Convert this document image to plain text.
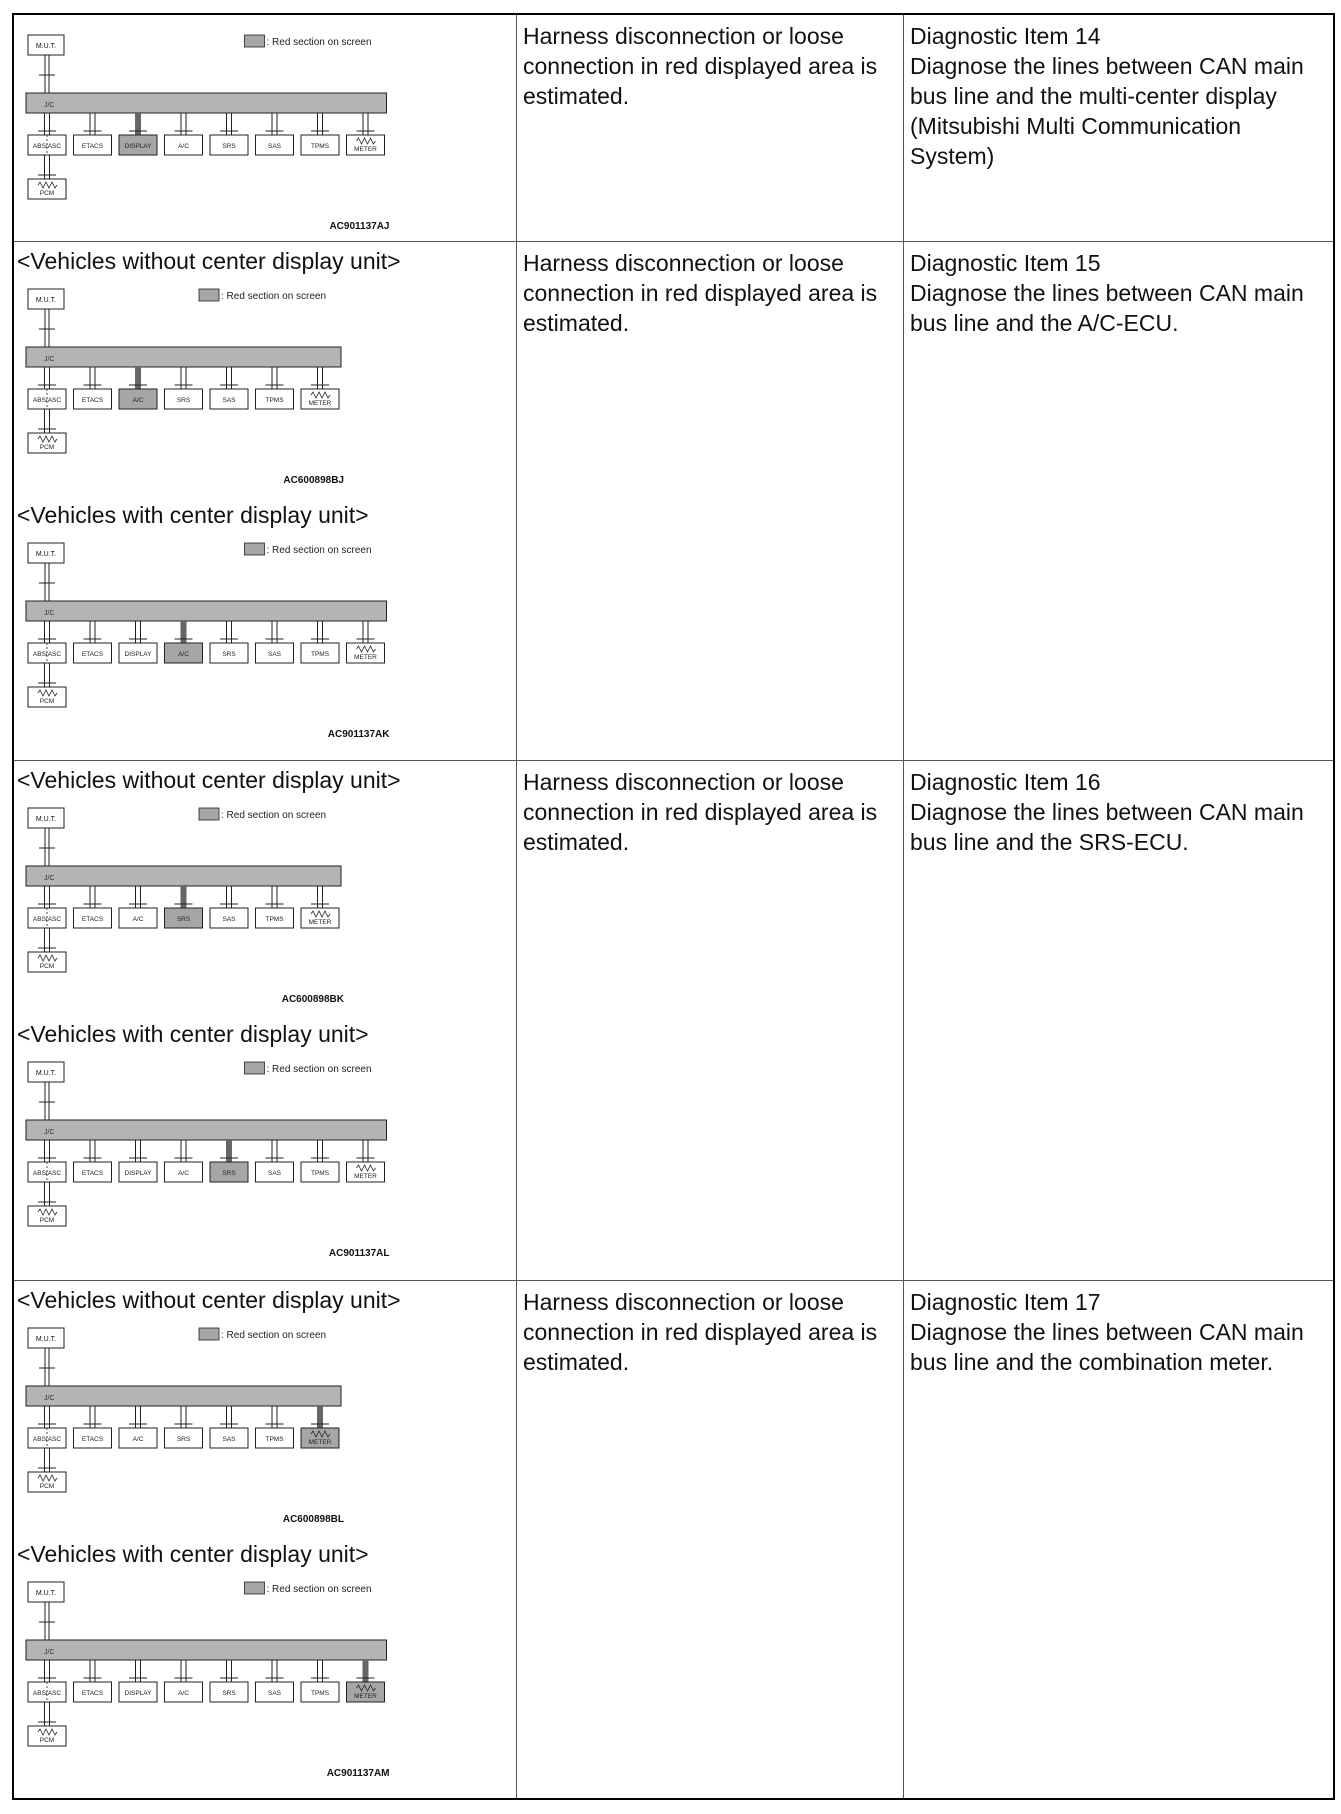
M.U.T.	: Red section on screen
J/C
ABS/ASC	ETACS	DISPLAY	A/C	SRS	SAS	TPMS	METER
PCM
AC901137AJ

Harness disconnection or loose connection in red displayed area is estimated.

Diagnostic Item 14

Diagnose the lines between CAN main bus line and the multi-center display (Mitsubishi Multi Communication System)

<Vehicles without center display unit>
M.U.T.	: Red section on screen
J/C
ABS/ASC	ETACS	A/C	SRS	SAS	TPMS	METER
PCM
AC600898BJ
<Vehicles with center display unit>
M.U.T.	: Red section on screen
J/C
ABS/ASC	ETACS	DISPLAY	A/C	SRS	SAS	TPMS	METER
PCM
AC901137AK

Harness disconnection or loose connection in red displayed area is estimated.

Diagnostic Item 15

Diagnose the lines between CAN main bus line and the A/C-ECU.

<Vehicles without center display unit>
M.U.T.	: Red section on screen
J/C
ABS/ASC	ETACS	A/C	SRS	SAS	TPMS	METER
PCM
AC600898BK
<Vehicles with center display unit>
M.U.T.	: Red section on screen
J/C
ABS/ASC	ETACS	DISPLAY	A/C	SRS	SAS	TPMS	METER
PCM
AC901137AL

Harness disconnection or loose connection in red displayed area is estimated.

Diagnostic Item 16

Diagnose the lines between CAN main bus line and the SRS-ECU.

<Vehicles without center display unit>
M.U.T.	: Red section on screen
J/C
ABS/ASC	ETACS	A/C	SRS	SAS	TPMS	METER
PCM
AC600898BL
<Vehicles with center display unit>
M.U.T.	: Red section on screen
J/C
ABS/ASC	ETACS	DISPLAY	A/C	SRS	SAS	TPMS	METER
PCM
AC901137AM

Harness disconnection or loose connection in red displayed area is estimated.

Diagnostic Item 17

Diagnose the lines between CAN main bus line and the combination meter.
